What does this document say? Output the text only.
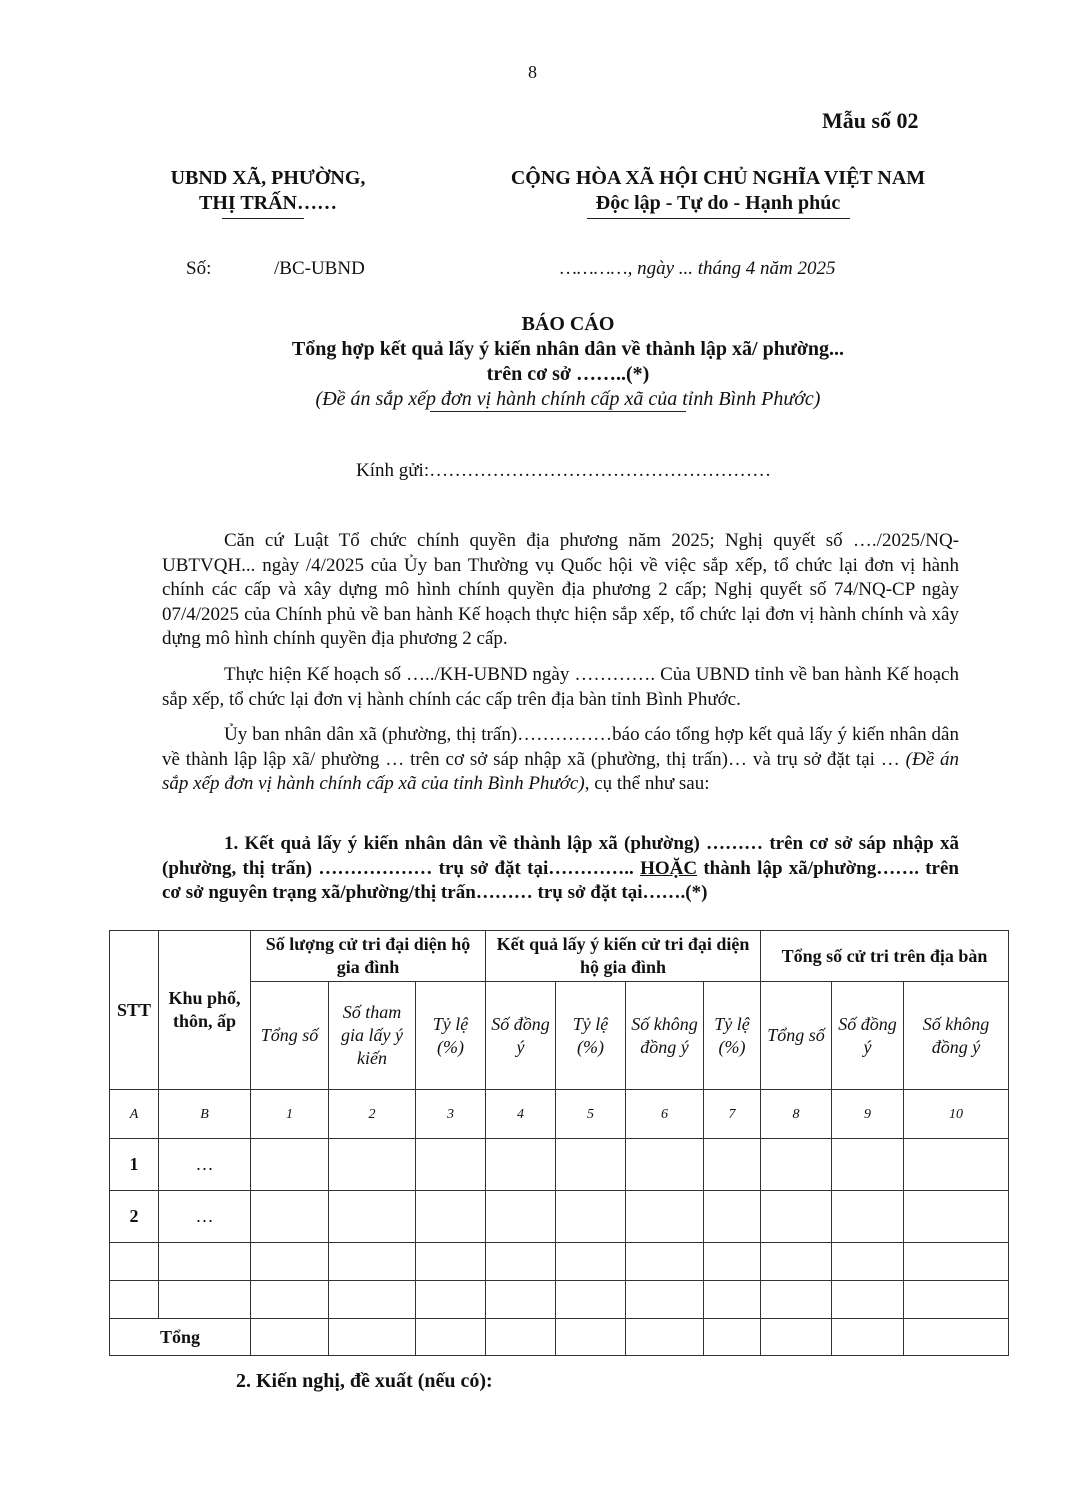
8
Mẫu số 02
UBND XÃ, PHƯỜNG,
THỊ TRẤN……
CỘNG HÒA XÃ HỘI CHỦ NGHĨA VIỆT NAM
Độc lập - Tự do - Hạnh phúc
Số:	/BC-UBND	…………, ngày ... tháng 4 năm 2025
BÁO CÁO
Tổng hợp kết quả lấy ý kiến nhân dân về thành lập xã/ phường...
trên cơ sở ……..(*)
(Đề án sắp xếp đơn vị hành chính cấp xã của tỉnh Bình Phước)
Kính gửi:………………………………………………

Căn cứ Luật Tổ chức chính quyền địa phương năm 2025; Nghị quyết số …./2025/NQ-UBTVQH... ngày /4/2025 của Ủy ban Thường vụ Quốc hội về việc sắp xếp, tổ chức lại đơn vị hành chính các cấp và xây dựng mô hình chính quyền địa phương 2 cấp; Nghị quyết số 74/NQ-CP ngày 07/4/2025 của Chính phủ về ban hành Kế hoạch thực hiện sắp xếp, tổ chức lại đơn vị hành chính và xây dựng mô hình chính quyền địa phương 2 cấp.

Thực hiện Kế hoạch số …../KH-UBND ngày …………. Của UBND tỉnh về ban hành Kế hoạch sắp xếp, tổ chức lại đơn vị hành chính các cấp trên địa bàn tỉnh Bình Phước.

Ủy ban nhân dân xã (phường, thị trấn)……………báo cáo tổng hợp kết quả lấy ý kiến nhân dân về thành lập lập xã/ phường … trên cơ sở sáp nhập xã (phường, thị trấn)… và trụ sở đặt tại … (Đề án sắp xếp đơn vị hành chính cấp xã của tỉnh Bình Phước), cụ thể như sau:

1. Kết quả lấy ý kiến nhân dân về thành lập xã (phường) ……… trên cơ sở sáp nhập xã (phường, thị trấn) ……………… trụ sở đặt tại………….. HOẶC thành lập xã/phường……. trên cơ sở nguyên trạng xã/phường/thị trấn……… trụ sở đặt tại…….(*)

STT	Khu phố, thôn, ấp	Số lượng cử tri đại diện hộ gia đình			Kết quả lấy ý kiến cử tri đại diện hộ gia đình				Tổng số cử tri trên địa bàn		
		Tổng số	Số tham gia lấy ý kiến	Tỷ lệ (%)	Số đồng ý	Tỷ lệ (%)	Số không đồng ý	Tỷ lệ (%)	Tổng số	Số đồng ý	Số không đồng ý
A	B	1	2	3	4	5	6	7	8	9	10
1	…										
2	…										

Tổng											
2. Kiến nghị, đề xuất (nếu có):
